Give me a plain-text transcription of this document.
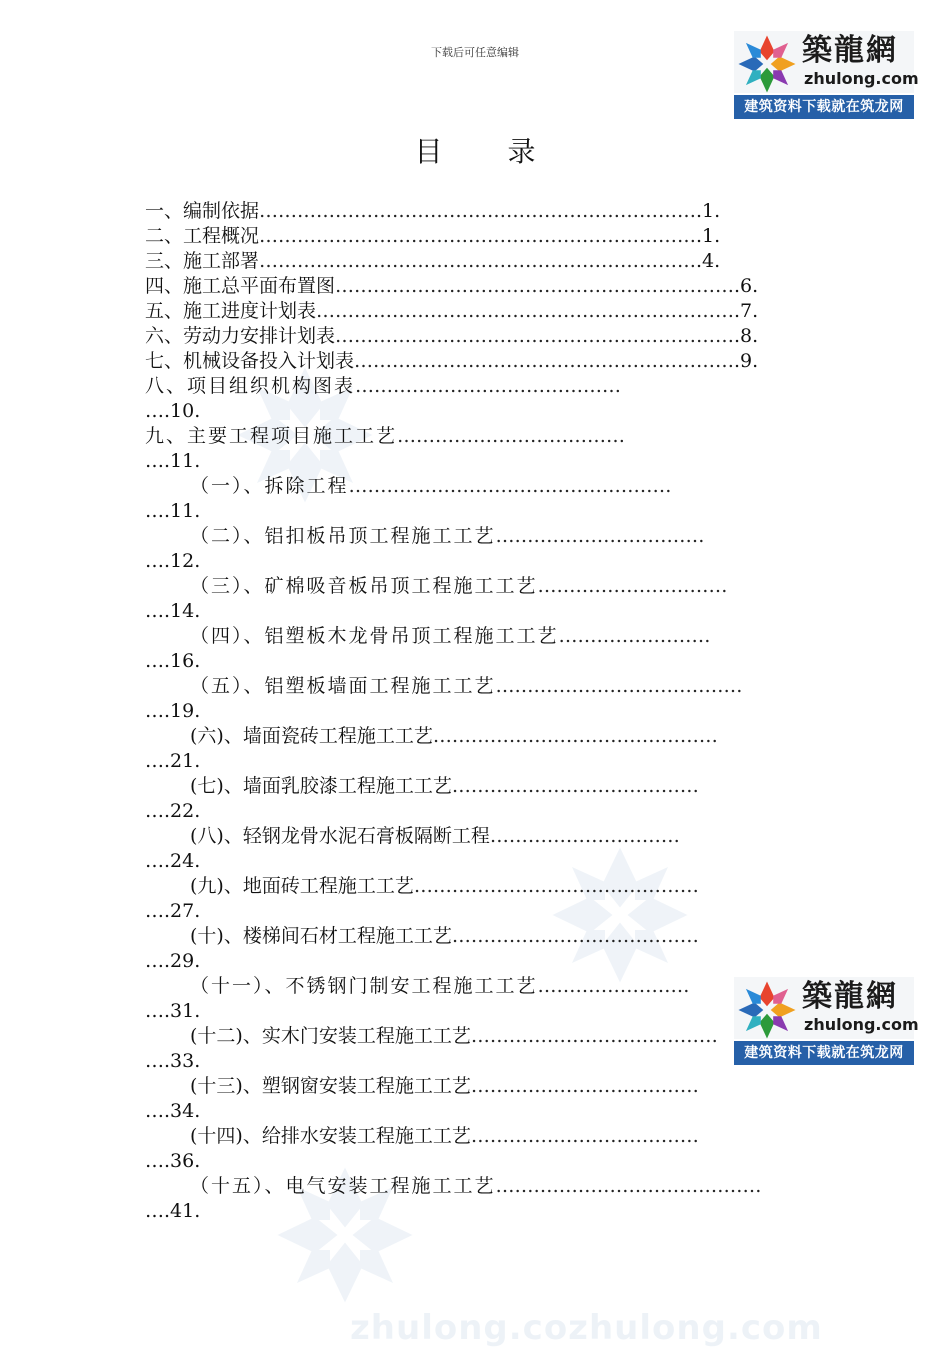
zhulong.cozhulong.com
下载后可任意编辑	築龍網
zhulong.com
建筑资料下载就在筑龙网
築龍網
zhulong.com
建筑资料下载就在筑龙网
目 录
一、编制依据…………………………………………………………….1.
二、工程概况…………………………………………………………….1.
三、施工部署…………………………………………………………….4.
四、施工总平面布置图……………………………………………………….6.
五、施工进度计划表………………………………………………………….7.
六、劳动力安排计划表……………………………………………………….8.
七、机械设备投入计划表…………………………………………………….9.
八、项目组织机构图表……………………………………
….10.
九、主要工程项目施工工艺………………………………
….11.
（一）、拆除工程……………………………………………
….11.
（二）、铝扣板吊顶工程施工工艺……………………………
….12.
（三）、矿棉吸音板吊顶工程施工工艺…………………………
….14.
（四）、铝塑板木龙骨吊顶工程施工工艺……………………
….16.
（五）、铝塑板墙面工程施工工艺…………………………………
….19.
(六)、墙面瓷砖工程施工工艺………………………………………
….21.
(七)、墙面乳胶漆工程施工工艺…………………………………
….22.
(八)、轻钢龙骨水泥石膏板隔断工程…………………………
….24.
(九)、地面砖工程施工工艺………………………………………
….27.
(十)、楼梯间石材工程施工工艺…………………………………
….29.
（十一）、不锈钢门制安工程施工工艺……………………
….31.
(十二)、实木门安装工程施工工艺…………………………………
….33.
(十三)、塑钢窗安装工程施工工艺………………………………
….34.
(十四)、给排水安装工程施工工艺………………………………
….36.
（十五）、电气安装工程施工工艺……………………………………
….41.
